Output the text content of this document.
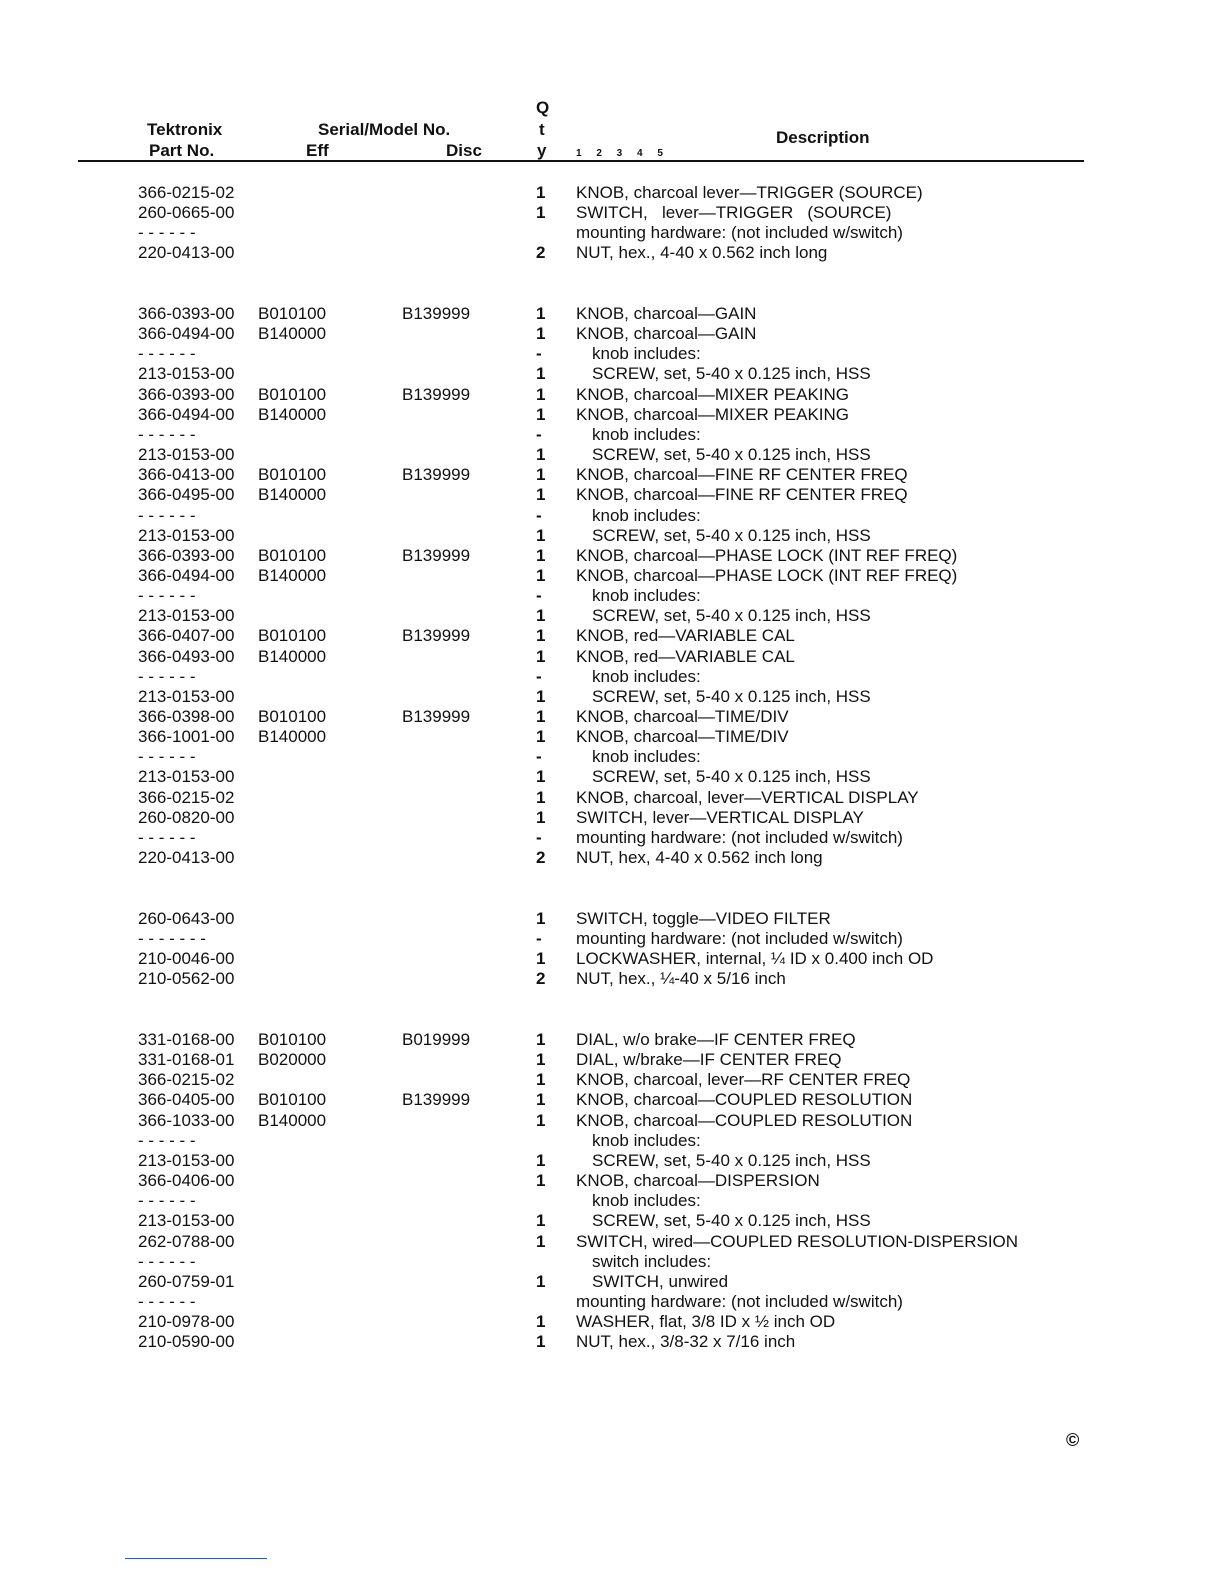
Tektronix
Part No.
Serial/Model No.
Eff	Disc
Q
t
y	1 2 3 4 5
Description
366-0215-02	1 KNOB, charcoal lever—TRIGGER (SOURCE)
260-0665-00	1 SWITCH,   lever—TRIGGER   (SOURCE)
- - - - - -	mounting hardware: (not included w/switch)
220-0413-00	2 NUT, hex., 4-40 x 0.562 inch long
366-0393-00 B010100	B139999	1 KNOB, charcoal—GAIN
366-0494-00 B140000	1 KNOB, charcoal—GAIN
- - - - - -	-	knob includes:
213-0153-00	1	SCREW, set, 5-40 x 0.125 inch, HSS
366-0393-00 B010100	B139999	1 KNOB, charcoal—MIXER PEAKING
366-0494-00 B140000	1 KNOB, charcoal—MIXER PEAKING
- - - - - -	-	knob includes:
213-0153-00	1	SCREW, set, 5-40 x 0.125 inch, HSS
366-0413-00 B010100	B139999	1 KNOB, charcoal—FINE RF CENTER FREQ
366-0495-00 B140000	1 KNOB, charcoal—FINE RF CENTER FREQ
- - - - - -	-	knob includes:
213-0153-00	1	SCREW, set, 5-40 x 0.125 inch, HSS
366-0393-00 B010100	B139999	1 KNOB, charcoal—PHASE LOCK (INT REF FREQ)
366-0494-00 B140000	1 KNOB, charcoal—PHASE LOCK (INT REF FREQ)
- - - - - -	-	knob includes:
213-0153-00	1	SCREW, set, 5-40 x 0.125 inch, HSS
366-0407-00 B010100	B139999	1 KNOB, red—VARIABLE CAL
366-0493-00 B140000	1 KNOB, red—VARIABLE CAL
- - - - - -	-	knob includes:
213-0153-00	1	SCREW, set, 5-40 x 0.125 inch, HSS
366-0398-00 B010100	B139999	1 KNOB, charcoal—TIME/DIV
366-1001-00 B140000	1 KNOB, charcoal—TIME/DIV
- - - - - -	-	knob includes:
213-0153-00	1	SCREW, set, 5-40 x 0.125 inch, HSS
366-0215-02	1 KNOB, charcoal, lever—VERTICAL DISPLAY
260-0820-00	1 SWITCH, lever—VERTICAL DISPLAY
- - - - - -	- mounting hardware: (not included w/switch)
220-0413-00	2 NUT, hex, 4-40 x 0.562 inch long
260-0643-00	1 SWITCH, toggle—VIDEO FILTER
- - - - - - -	- mounting hardware: (not included w/switch)
210-0046-00	1 LOCKWASHER, internal, ¼ ID x 0.400 inch OD
210-0562-00	2 NUT, hex., ¼-40 x 5/16 inch
331-0168-00 B010100	B019999	1 DIAL, w/o brake—IF CENTER FREQ
331-0168-01 B020000	1 DIAL, w/brake—IF CENTER FREQ
366-0215-02	1 KNOB, charcoal, lever—RF CENTER FREQ
366-0405-00 B010100	B139999	1 KNOB, charcoal—COUPLED RESOLUTION
366-1033-00 B140000	1 KNOB, charcoal—COUPLED RESOLUTION
- - - - - -	knob includes:
213-0153-00	1	SCREW, set, 5-40 x 0.125 inch, HSS
366-0406-00	1 KNOB, charcoal—DISPERSION
- - - - - -	knob includes:
213-0153-00	1	SCREW, set, 5-40 x 0.125 inch, HSS
262-0788-00	1 SWITCH, wired—COUPLED RESOLUTION-DISPERSION
- - - - - -	switch includes:
260-0759-01	1	SWITCH, unwired
- - - - - -	mounting hardware: (not included w/switch)
210-0978-00	1 WASHER, flat, 3/8 ID x ½ inch OD
210-0590-00	1 NUT, hex., 3/8-32 x 7/16 inch
©
